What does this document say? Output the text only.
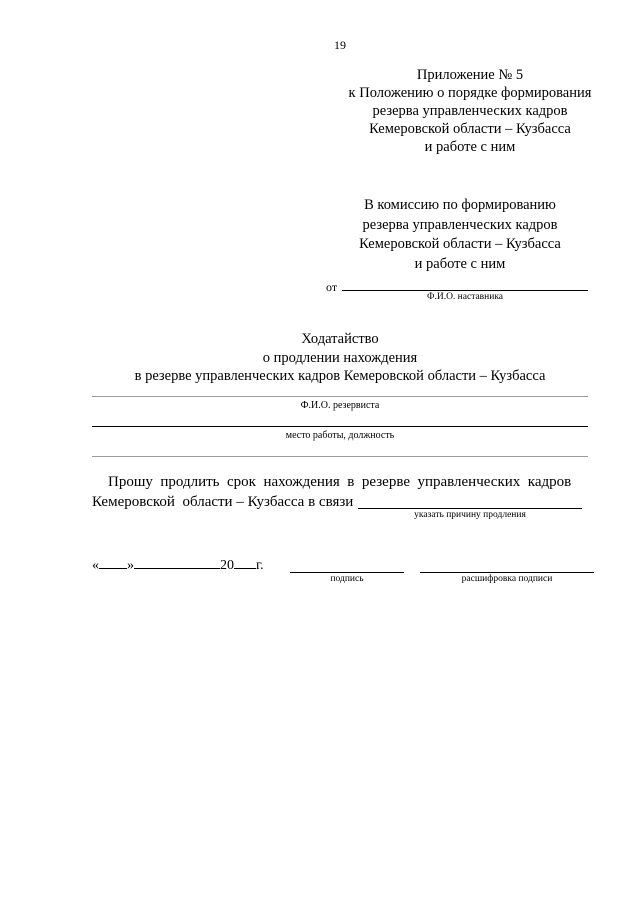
19
Приложение № 5
к Положению о порядке формирования
резерва управленческих кадров
Кемеровской области – Кузбасса
и работе с ним
В комиссию по формированию
резерва управленческих кадров
Кемеровской области – Кузбасса
и работе с ним
от
Ф.И.О. наставника
Ходатайство
о продлении нахождения
в резерве управленческих кадров Кемеровской области – Кузбасса
Ф.И.О. резервиста
место работы, должность
Прошу  продлить  срок  нахождения  в  резерве  управленческих  кадров
Кемеровской  области – Кузбасса в связи
указать причину продления
« »	20 г.
подпись	расшифровка подписи
